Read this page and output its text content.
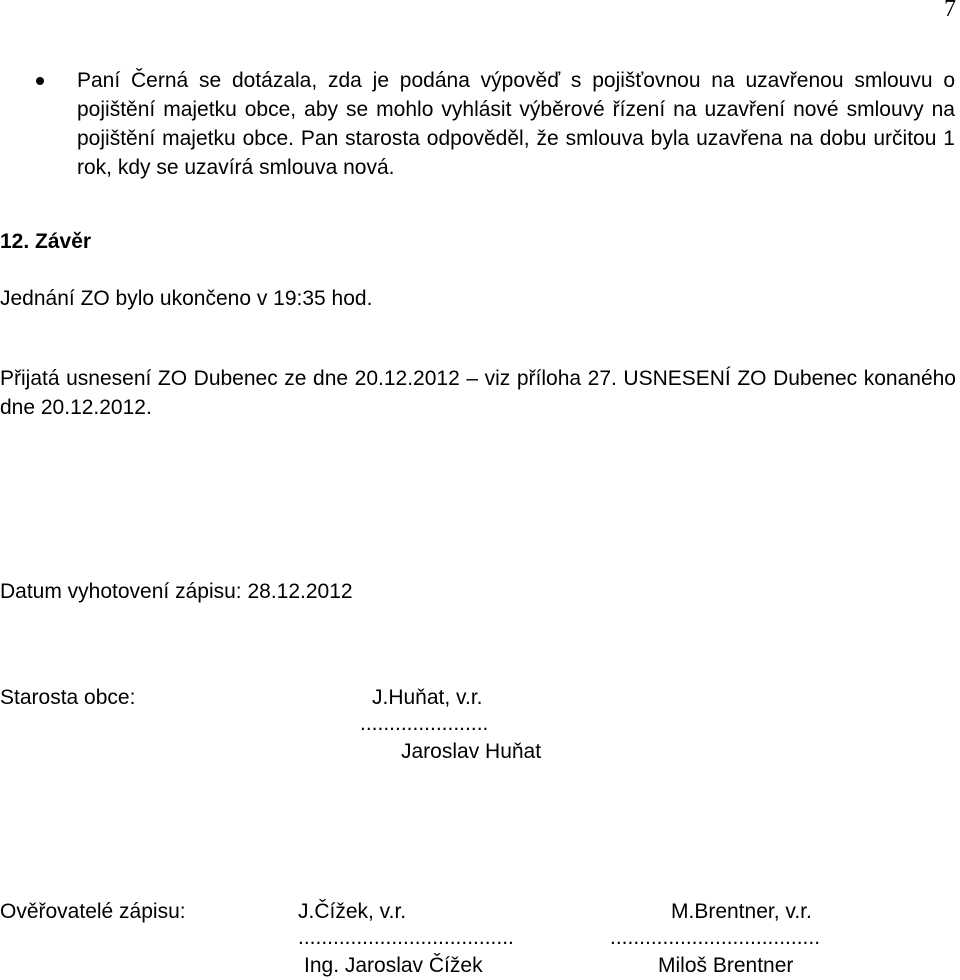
7
Paní Černá se dotázala, zda je podána výpověď s pojišťovnou na uzavřenou smlouvu o pojištění majetku obce, aby se mohlo vyhlásit výběrové řízení na uzavření nové smlouvy na pojištění majetku obce. Pan starosta odpověděl, že smlouva byla uzavřena na dobu určitou 1 rok, kdy se uzavírá smlouva nová.
12. Závěr
Jednání ZO bylo ukončeno v 19:35 hod.
Přijatá usnesení ZO Dubenec ze dne 20.12.2012 – viz příloha 27. USNESENÍ ZO Dubenec konaného dne 20.12.2012.
Datum vyhotovení zápisu: 28.12.2012
Starosta obce:	J.Huňat, v.r.
......................
Jaroslav Huňat
Ověřovatelé zápisu:	J.Čížek, v.r.
.....................................
Ing. Jaroslav Čížek
M.Brentner, v.r.
....................................
Miloš Brentner
